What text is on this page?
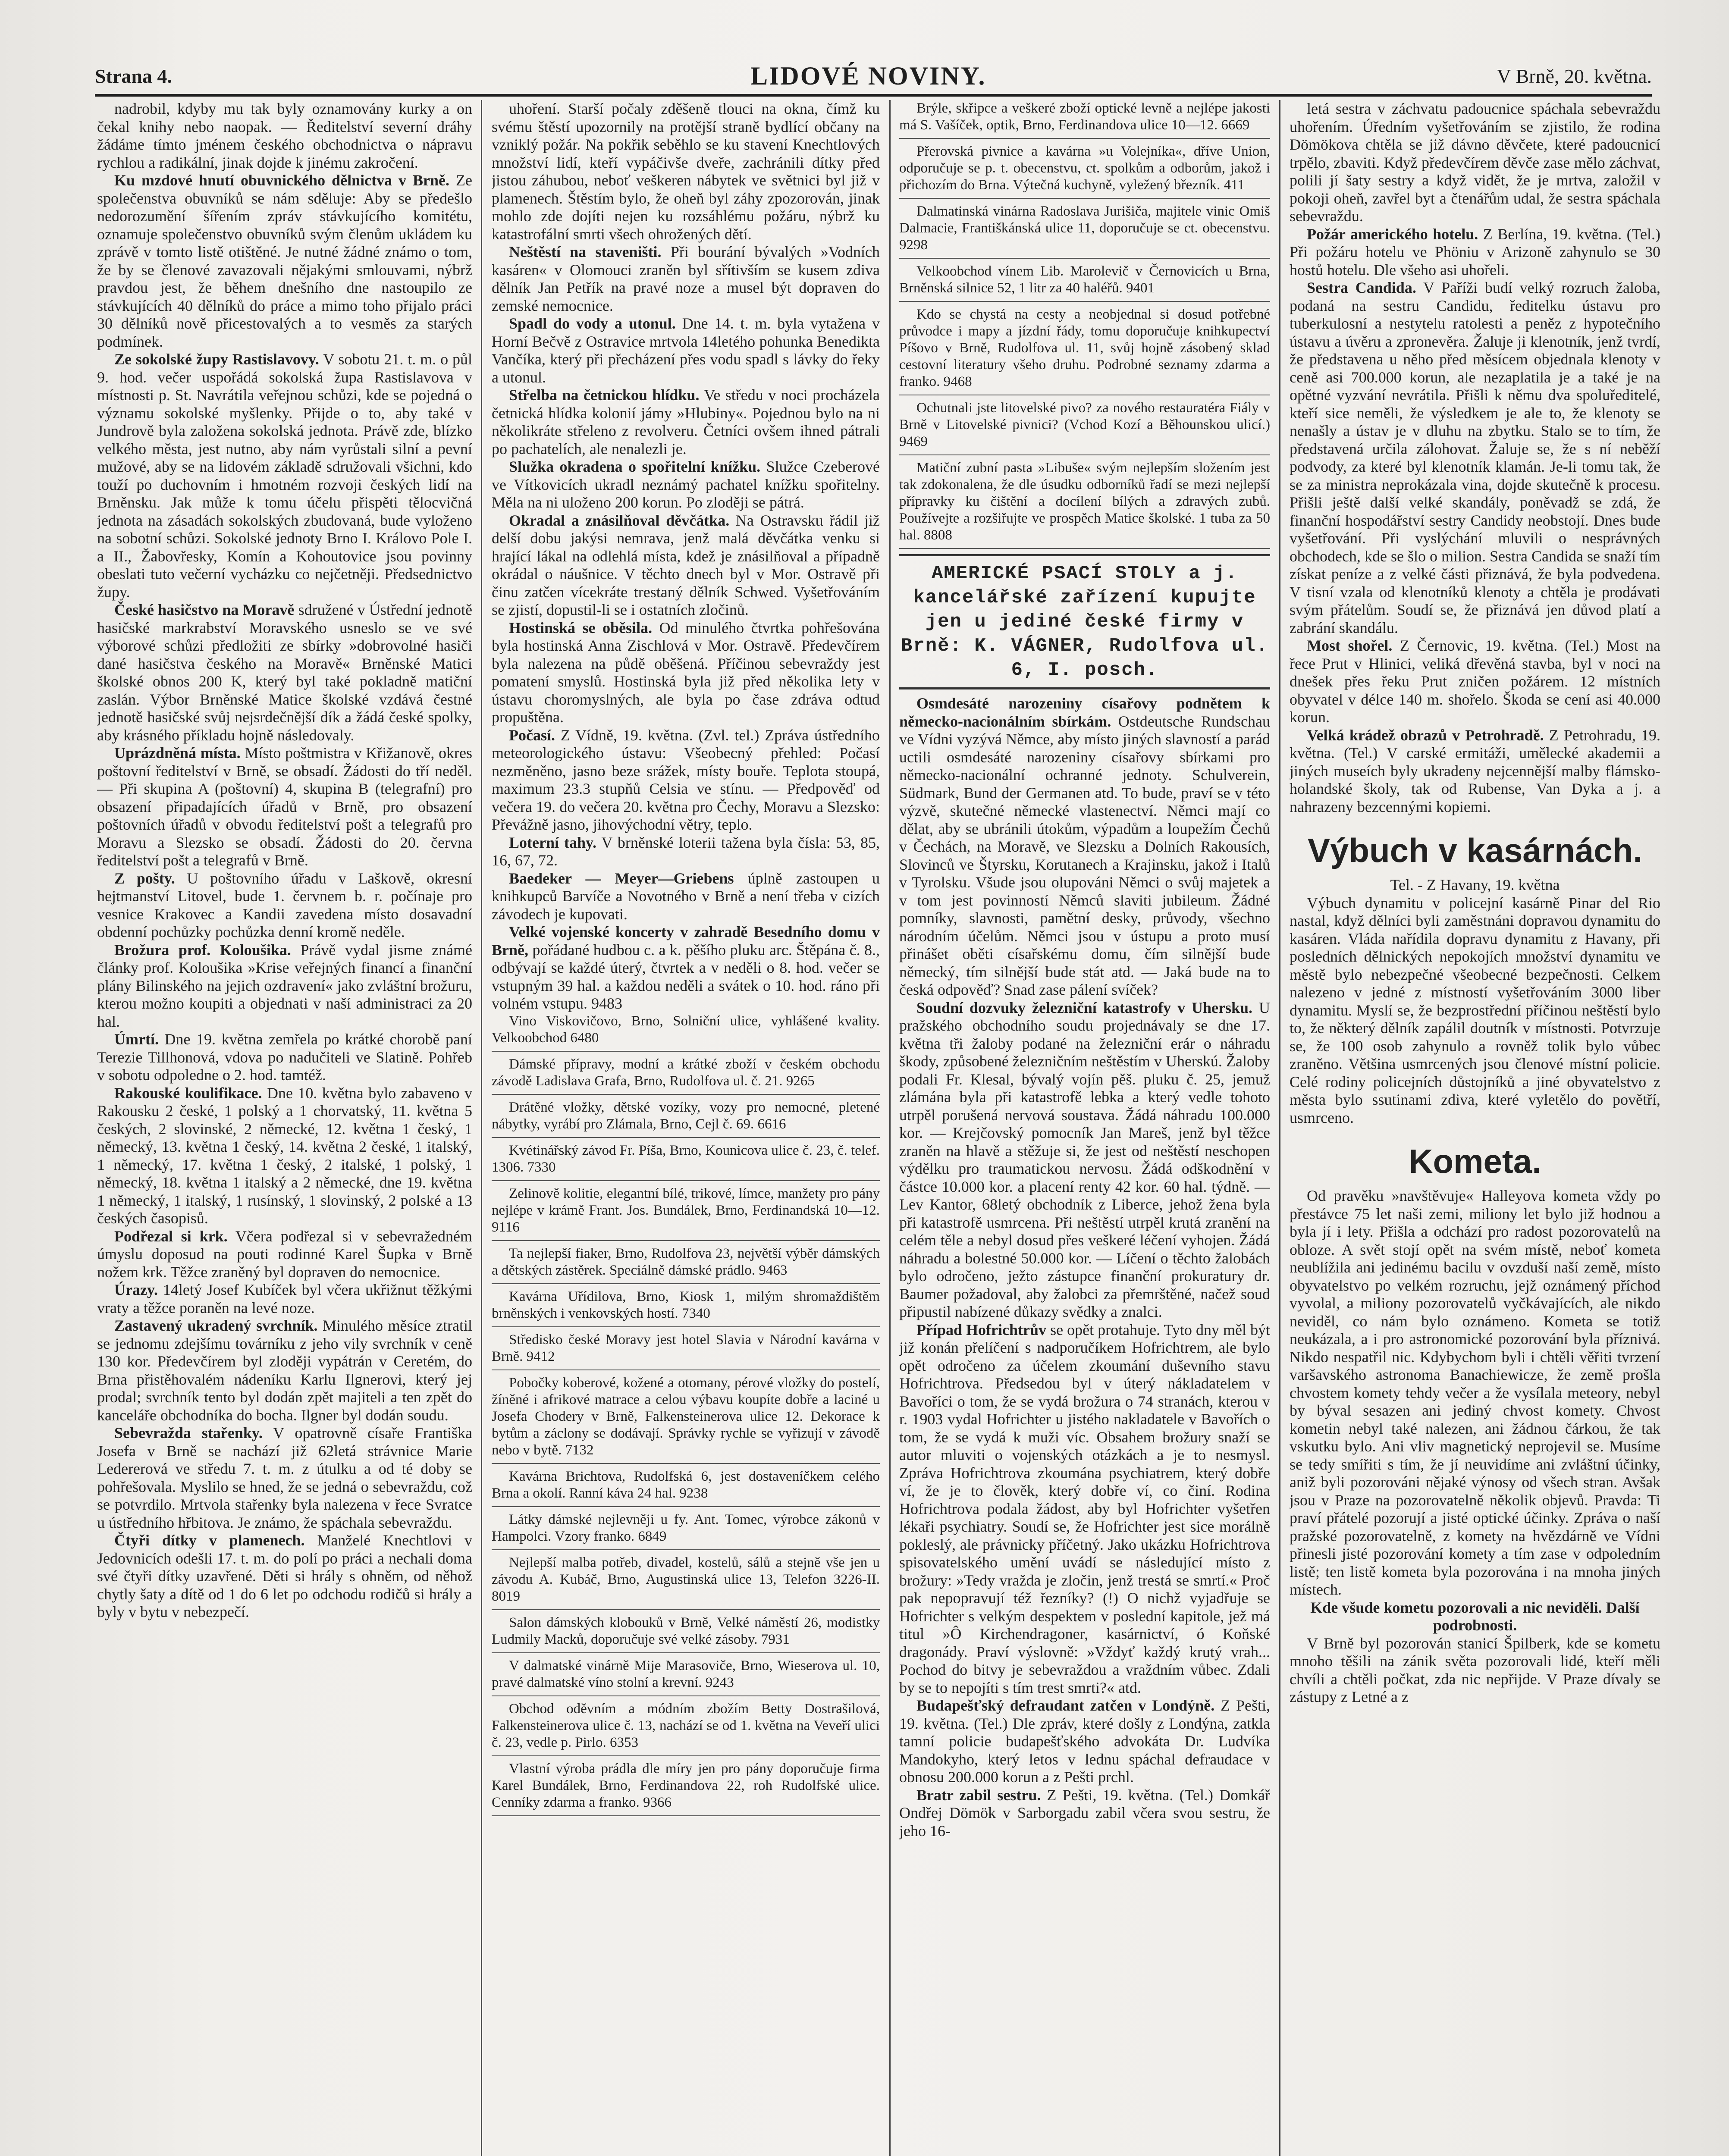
Strana 4.	LIDOVÉ NOVINY.	V Brně, 20. května.

nadrobil, kdyby mu tak byly oznamovány kurky a on čekal knihy nebo naopak. — Ředitelství severní dráhy žádáme tímto jménem českého obchodnictva o nápravu rychlou a radikální, jinak dojde k jinému zakročení.

Ku mzdové hnutí obuvnického dělnictva v Brně. Ze společenstva obuvníků se nám sděluje: Aby se předešlo nedorozumění šířením zpráv stávkujícího komitétu, oznamuje společenstvo obuvníků svým členům ukládem ku zprávě v tomto listě otištěné. Je nutné žádné známo o tom, že by se členové zavazovali nějakými smlouvami, nýbrž pravdou jest, že během dnešního dne nastoupilo ze stávkujících 40 dělníků do práce a mimo toho přijalo práci 30 dělníků nově přicestovalých a to vesměs za starých podmínek.

Ze sokolské župy Rastislavovy. V sobotu 21. t. m. o půl 9. hod. večer uspořádá sokolská župa Rastislavova v místnosti p. St. Navrátila veřejnou schůzi, kde se pojedná o významu sokolské myšlenky. Přijde o to, aby také v Jundrově byla založena sokolská jednota. Právě zde, blízko velkého města, jest nutno, aby nám vyrůstali silní a pevní mužové, aby se na lidovém základě sdružovali všichni, kdo touží po duchovním i hmotném rozvoji českých lidí na Brněnsku. Jak může k tomu účelu přispěti tělocvičná jednota na zásadách sokolských zbudovaná, bude vyloženo na sobotní schůzi. Sokolské jednoty Brno I. Královo Pole I. a II., Žabovřesky, Komín a Kohoutovice jsou povinny obeslati tuto večerní vycházku co nejčetněji. Předsednictvo župy.

České hasičstvo na Moravě sdružené v Ústřední jednotě hasičské markrabství Moravského usneslo se ve své výborové schůzi předložiti ze sbírky »dobrovolné hasiči dané hasičstva českého na Moravě« Brněnské Matici školské obnos 200 K, který byl také pokladně matiční zaslán. Výbor Brněnské Matice školské vzdává čestné jednotě hasičské svůj nejsrdečnější dík a žádá české spolky, aby krásného příkladu hojně následovaly.

Uprázdněná místa. Místo poštmistra v Křižanově, okres poštovní ředitelství v Brně, se obsadí. Žádosti do tří neděl. — Při skupina A (poštovní) 4, skupina B (telegrafní) pro obsazení připadajících úřadů v Brně, pro obsazení poštovních úřadů v obvodu ředitelství pošt a telegrafů pro Moravu a Slezsko se obsadí. Žádosti do 20. června ředitelství pošt a telegrafů v Brně.

Z pošty. U poštovního úřadu v Laškově, okresní hejtmanství Litovel, bude 1. červnem b. r. počínaje pro vesnice Krakovec a Kandii zavedena místo dosavadní obdenní pochůzky pochůzka denní kromě neděle.

Brožura prof. Koloušika. Právě vydal jisme známé články prof. Koloušika »Krise veřejných financí a finanční plány Bilinského na jejich ozdravení« jako zvláštní brožuru, kterou možno koupiti a objednati v naší administraci za 20 hal.

Úmrtí. Dne 19. května zemřela po krátké chorobě paní Terezie Tillhonová, vdova po nadučiteli ve Slatině. Pohřeb v sobotu odpoledne o 2. hod. tamtéž.

Rakouské koulifikace. Dne 10. května bylo zabaveno v Rakousku 2 české, 1 polský a 1 chorvatský, 11. května 5 českých, 2 slovinské, 2 německé, 12. května 1 český, 1 německý, 13. května 1 český, 14. května 2 české, 1 italský, 1 německý, 17. května 1 český, 2 italské, 1 polský, 1 německý, 18. května 1 italský a 2 německé, dne 19. května 1 německý, 1 italský, 1 rusínský, 1 slovinský, 2 polské a 13 českých časopisů.

Podřezal si krk. Včera podřezal si v sebevražedném úmyslu doposud na pouti rodinné Karel Šupka v Brně nožem krk. Těžce zraněný byl dopraven do nemocnice.

Úrazy. 14letý Josef Kubíček byl včera ukřižnut těžkými vraty a těžce poraněn na levé noze.

Zastavený ukradený svrchník. Minulého měsíce ztratil se jednomu zdejšímu továrníku z jeho vily svrchník v ceně 130 kor. Předevčírem byl zloději vypátrán v Ceretém, do Brna přistěhovalém nádeníku Karlu Ilgnerovi, který jej prodal; svrchník tento byl dodán zpět majiteli a ten zpět do kanceláře obchodníka do bocha. Ilgner byl dodán soudu.

Sebevražda stařenky. V opatrovně císaře Františka Josefa v Brně se nachází již 62letá strávnice Marie Ledererová ve středu 7. t. m. z útulku a od té doby se pohřešovala. Myslilo se hned, že se jedná o sebevraždu, což se potvrdilo. Mrtvola stařenky byla nalezena v řece Svratce u ústředního hřbitova. Je známo, že spáchala sebevraždu.

Čtyři dítky v plamenech. Manželé Knechtlovi v Jedovnicích odešli 17. t. m. do polí po práci a nechali doma své čtyři dítky uzavřené. Děti si hrály s ohněm, od něhož chytly šaty a dítě od 1 do 6 let po odchodu rodičů si hrály a byly v bytu v nebezpečí.

uhoření. Starší počaly zděšeně tlouci na okna, čímž ku svému štěstí upozornily na protější straně bydlící občany na vzniklý požár. Na pokřik seběhlo se ku stavení Knechtlových množství lidí, kteří vypáčivše dveře, zachránili dítky před jistou záhubou, neboť veškeren nábytek ve světnici byl již v plamenech. Štěstím bylo, že oheň byl záhy zpozorován, jinak mohlo zde dojíti nejen ku rozsáhlému požáru, nýbrž ku katastrofální smrti všech ohrožených dětí.

Neštěstí na staveništi. Při bourání bývalých »Vodních kasáren« v Olomouci zraněn byl sřítivším se kusem zdiva dělník Jan Petřík na pravé noze a musel být dopraven do zemské nemocnice.

Spadl do vody a utonul. Dne 14. t. m. byla vytažena v Horní Bečvě z Ostravice mrtvola 14letého pohunka Benedikta Vančíka, který při přecházení přes vodu spadl s lávky do řeky a utonul.

Střelba na četnickou hlídku. Ve středu v noci procházela četnická hlídka kolonií jámy »Hlubiny«. Pojednou bylo na ni několikráte střeleno z revolveru. Četníci ovšem ihned pátrali po pachatelích, ale nenalezli je.

Služka okradena o spořitelní knížku. Služce Czeberové ve Vítkovicích ukradl neznámý pachatel knížku spořitelny. Měla na ni uloženo 200 korun. Po zloději se pátrá.

Okradal a znásilňoval děvčátka. Na Ostravsku řádil již delší dobu jakýsi nemrava, jenž malá děvčátka venku si hrající lákal na odlehlá místa, kdež je znásilňoval a případně okrádal o náušnice. V těchto dnech byl v Mor. Ostravě při činu zatčen vícekráte trestaný dělník Schwed. Vyšetřováním se zjistí, dopustil-li se i ostatních zločinů.

Hostinská se oběsila. Od minulého čtvrtka pohřešována byla hostinská Anna Zischlová v Mor. Ostravě. Předevčírem byla nalezena na půdě oběšená. Příčinou sebevraždy jest pomatení smyslů. Hostinská byla již před několika lety v ústavu choromyslných, ale byla po čase zdráva odtud propuštěna.

Počasí. Z Vídně, 19. května. (Zvl. tel.) Zpráva ústředního meteorologického ústavu: Všeobecný přehled: Počasí nezměněno, jasno beze srážek, místy bouře. Teplota stoupá, maximum 23.3 stupňů Celsia ve stínu. — Předpověď od večera 19. do večera 20. května pro Čechy, Moravu a Slezsko: Převážně jasno, jihovýchodní větry, teplo.

Loterní tahy. V brněnské loterii tažena byla čísla: 53, 85, 16, 67, 72.

Baedeker — Meyer—Griebens úplně zastoupen u knihkupců Barvíče a Novotného v Brně a není třeba v cizích závodech je kupovati.

Velké vojenské koncerty v zahradě Besedního domu v Brně, pořádané hudbou c. a k. pěšího pluku arc. Štěpána č. 8., odbývají se každé úterý, čtvrtek a v neděli o 8. hod. večer se vstupným 39 hal. a každou neděli a svátek o 10. hod. ráno při volném vstupu. 9483

Vino Viskovičovo, Brno, Solniční ulice, vyhlášené kvality. Velkoobchod 6480

Dámské přípravy, modní a krátké zboží v českém obchodu závodě Ladislava Grafa, Brno, Rudolfova ul. č. 21. 9265

Drátěné vložky, dětské vozíky, vozy pro nemocné, pletené nábytky, vyrábí pro Zlámala, Brno, Cejl č. 69. 6616

Kvétinářský závod Fr. Píša, Brno, Kounicova ulice č. 23, č. telef. 1306. 7330

Zelinově kolitie, elegantní bílé, trikové, límce, manžety pro pány nejlépe v krámě Frant. Jos. Bundálek, Brno, Ferdinandská 10—12. 9116

Ta nejlepší fiaker, Brno, Rudolfova 23, největší výběr dámských a dětských zástěrek. Speciálně dámské prádlo. 9463

Kavárna Uřídilova, Brno, Kiosk 1, milým shromaždištěm brněnských i venkovských hostí. 7340

Středisko české Moravy jest hotel Slavia v Národní kavárna v Brně. 9412

Pobočky koberové, kožené a otomany, pérové vložky do postelí, žíněné i afrikové matrace a celou výbavu koupíte dobře a laciné u Josefa Chodery v Brně, Falkensteinerova ulice 12. Dekorace k bytům a záclony se dodávají. Správky rychle se vyřizují v závodě nebo v bytě. 7132

Kavárna Brichtova, Rudolfská 6, jest dostaveníčkem celého Brna a okolí. Ranní káva 24 hal. 9238

Látky dámské nejlevněji u fy. Ant. Tomec, výrobce zákonů v Hampolci. Vzory franko. 6849

Nejlepší malba potřeb, divadel, kostelů, sálů a stejně vše jen u závodu A. Kubáč, Brno, Augustinská ulice 13, Telefon 3226-II. 8019

Salon dámských klobouků v Brně, Velké náměstí 26, modistky Ludmily Macků, doporučuje své velké zásoby. 7931

V dalmatské vinárně Mije Marasoviče, Brno, Wieserova ul. 10, pravé dalmatské víno stolní a krevní. 9243

Obchod oděvním a módním zbožím Betty Dostrašilová, Falkensteinerova ulice č. 13, nachází se od 1. května na Veveří ulici č. 23, vedle p. Pirlo. 6353

Vlastní výroba prádla dle míry jen pro pány doporučuje firma Karel Bundálek, Brno, Ferdinandova 22, roh Rudolfské ulice. Cenníky zdarma a franko. 9366

Brýle, skřipce a veškeré zboží optické levně a nejlépe jakosti má S. Vašíček, optik, Brno, Ferdinandova ulice 10—12. 6669

Přerovská pivnice a kavárna »u Volejníka«, dříve Union, odporučuje se p. t. obecenstvu, ct. spolkům a odborům, jakož i přichozím do Brna. Výtečná kuchyně, vyležený březník. 411

Dalmatinská vinárna Radoslava Jurišiča, majitele vinic Omiš Dalmacie, Františkánská ulice 11, doporučuje se ct. obecenstvu. 9298

Velkoobchod vínem Lib. Marolevič v Černovicích u Brna, Brněnská silnice 52, 1 litr za 40 haléřů. 9401

Kdo se chystá na cesty a neobjednal si dosud potřebné průvodce i mapy a jízdní řády, tomu doporučuje knihkupectví Píšovo v Brně, Rudolfova ul. 11, svůj hojně zásobený sklad cestovní literatury všeho druhu. Podrobné seznamy zdarma a franko. 9468

Ochutnali jste litovelské pivo? za nového restauratéra Fiály v Brně v Litovelské pivnici? (Vchod Kozí a Běhounskou ulicí.) 9469

Matiční zubní pasta »Libuše« svým nejlepším složením jest tak zdokonalena, že dle úsudku odborníků řadí se mezi nejlepší přípravky ku čištění a docílení bílých a zdravých zubů. Používejte a rozšiřujte ve prospěch Matice školské. 1 tuba za 50 hal. 8808

AMERICKÉ PSACÍ STOLY a j. kancelářské zařízení kupujte jen u jediné české firmy v Brně: K. VÁGNER, Rudolfova ul. 6, I. posch.

Osmdesáté narozeniny císařovy podnětem k německo-nacionálním sbírkám. Ostdeutsche Rundschau ve Vídni vyzývá Němce, aby místo jiných slavností a parád uctili osmdesáté narozeniny císařovy sbírkami pro německo-nacionální ochranné jednoty. Schulverein, Südmark, Bund der Germanen atd. To bude, praví se v této výzvě, skutečné německé vlastenectví. Němci mají co dělat, aby se ubránili útokům, výpadům a loupežím Čechů v Čechách, na Moravě, ve Slezsku a Dolních Rakousích, Slovinců ve Štyrsku, Korutanech a Krajinsku, jakož i Italů v Tyrolsku. Všude jsou olupováni Němci o svůj majetek a v tom jest povinností Němců slaviti jubileum. Žádné pomníky, slavnosti, pamětní desky, průvody, všechno národním účelům. Němci jsou v ústupu a proto musí přinášet oběti císařskému domu, čím silnější bude německý, tím silnější bude stát atd. — Jaká bude na to česká odpověď? Snad zase pálení svíček?

Soudní dozvuky železniční katastrofy v Uhersku. U pražského obchodního soudu projednávaly se dne 17. května tři žaloby podané na železniční erár o náhradu škody, způsobené železničním neštěstím v Uherskú. Žaloby podali Fr. Klesal, bývalý vojín pěš. pluku č. 25, jemuž zlámána byla při katastrofě lebka a který vedle tohoto utrpěl porušená nervová soustava. Žádá náhradu 100.000 kor. — Krejčovský pomocník Jan Mareš, jenž byl těžce zraněn na hlavě a stěžuje si, že jest od neštěstí neschopen výdělku pro traumatickou nervosu. Žádá odškodnění v částce 10.000 kor. a placení renty 42 kor. 60 hal. týdně. — Lev Kantor, 68letý obchodník z Liberce, jehož žena byla při katastrofě usmrcena. Při neštěstí utrpěl krutá zranění na celém těle a nebyl dosud přes veškeré léčení vyhojen. Žádá náhradu a bolestné 50.000 kor. — Líčení o těchto žalobách bylo odročeno, ježto zástupce finanční prokuratury dr. Baumer požadoval, aby žalobci za přemrštěné, načež soud připustil nabízené důkazy svědky a znalci.

Případ Hofrichtrův se opět protahuje. Tyto dny měl být již konán přelíčení s nadporučíkem Hofrichtrem, ale bylo opět odročeno za účelem zkoumání duševního stavu Hofrichtrova. Předsedou byl v úterý nákladatelem v Bavoříci o tom, že se vydá brožura o 74 stranách, kterou v r. 1903 vydal Hofrichter u jistého nakladatele v Bavořích o tom, že se vydá k muži víc. Obsahem brožury snaží se autor mluviti o vojenských otázkách a je to nesmysl. Zpráva Hofrichtrova zkoumána psychiatrem, který dobře ví, že je to člověk, který dobře ví, co činí. Rodina Hofrichtrova podala žádost, aby byl Hofrichter vyšetřen lékaři psychiatry. Soudí se, že Hofrichter jest sice morálně pokleslý, ale právnicky příčetný. Jako ukázku Hofrichtrova spisovatelského umění uvádí se následující místo z brožury: »Tedy vražda je zločin, jenž trestá se smrtí.« Proč pak nepopravují též řezníky? (!) O nichž vyjadřuje se Hofrichter s velkým despektem v poslední kapitole, jež má titul »Ô Kirchendragoner, kasárnictví, ó Koňské dragonády. Praví výslovně: »Vždyť každý krutý vrah... Pochod do bitvy je sebevraždou a vraždním vůbec. Zdali by se to nepojíti s tím trest smrti?« atd.

Budapešťský defraudant zatčen v Londýně. Z Pešti, 19. května. (Tel.) Dle zpráv, které došly z Londýna, zatkla tamní policie budapešťského advokáta Dr. Ludvíka Mandokyho, který letos v lednu spáchal defraudace v obnosu 200.000 korun a z Pešti prchl.

Bratr zabil sestru. Z Pešti, 19. května. (Tel.) Domkář Ondřej Dömök v Sarborgadu zabil včera svou sestru, že jeho 16-

letá sestra v záchvatu padoucnice spáchala sebevraždu uhořením. Úředním vyšetřováním se zjistilo, že rodina Dömökova chtěla se již dávno děvčete, které padoucnicí trpělo, zbaviti. Když předevčírem děvče zase mělo záchvat, polili jí šaty sestry a když vidět, že je mrtva, založil v pokoji oheň, zavřel byt a čtenářům udal, že sestra spáchala sebevraždu.

Požár amerického hotelu. Z Berlína, 19. května. (Tel.) Při požáru hotelu ve Phöniu v Arizoně zahynulo se 30 hostů hotelu. Dle všeho asi uhořeli.

Sestra Candida. V Paříži budí velký rozruch žaloba, podaná na sestru Candidu, ředitelku ústavu pro tuberkulosní a nestytelu ratolesti a peněz z hypotečního ústavu a úvěru a zpronevěra. Žaluje ji klenotník, jenž tvrdí, že představena u něho před měsícem objednala klenoty v ceně asi 700.000 korun, ale nezaplatila je a také je na opětné vyzvání nevrátila. Přišli k němu dva spoluředitelé, kteří sice neměli, že výsledkem je ale to, že klenoty se nenašly a ústav je v dluhu na zbytku. Stalo se to tím, že představená určila zálohovat. Žaluje se, že s ní neběží podvody, za které byl klenotník klamán. Je-li tomu tak, že se za ministra neprokázala vina, dojde skutečně k procesu. Přišli ještě další velké skandály, poněvadž se zdá, že finanční hospodářství sestry Candidy neobstojí. Dnes bude vyšetřování. Při vyslýchání mluvili o nesprávných obchodech, kde se šlo o milion. Sestra Candida se snaží tím získat peníze a z velké části přiznává, že byla podvedena. V tisní vzala od klenotníků klenoty a chtěla je prodávati svým přátelům. Soudí se, že přiznává jen důvod platí a zabrání skandálu.

Most shořel. Z Černovic, 19. května. (Tel.) Most na řece Prut v Hlinici, veliká dřevěná stavba, byl v noci na dnešek přes řeku Prut zničen požárem. 12 místních obyvatel v délce 140 m. shořelo. Škoda se cení asi 40.000 korun.

Velká krádež obrazů v Petrohradě. Z Petrohradu, 19. května. (Tel.) V carské ermitáži, umělecké akademii a jiných museích byly ukradeny nejcennější malby flámsko-holandské školy, tak od Rubense, Van Dyka a j. a nahrazeny bezcennými kopiemi.

Výbuch v kasárnách.

Tel. - Z Havany, 19. května

Výbuch dynamitu v policejní kasárně Pinar del Rio nastal, když dělníci byli zaměstnáni dopravou dynamitu do kasáren. Vláda nařídila dopravu dynamitu z Havany, při posledních dělnických nepokojích množství dynamitu ve městě bylo nebezpečné všeobecné bezpečnosti. Celkem nalezeno v jedné z místností vyšetřováním 3000 liber dynamitu. Myslí se, že bezprostřední příčinou neštěstí bylo to, že některý dělník zapálil doutník v místnosti. Potvrzuje se, že 100 osob zahynulo a rovněž tolik bylo vůbec zraněno. Většina usmrcených jsou členové místní policie. Celé rodiny policejních důstojníků a jiné obyvatelstvo z města bylo ssutinami zdiva, které vyletělo do povětří, usmrceno.

Kometa.

Od pravěku »navštěvuje« Halleyova kometa vždy po přestávce 75 let naši zemi, miliony let bylo již hodnou a byla jí i lety. Přišla a odchází pro radost pozorovatelů na obloze. A svět stojí opět na svém místě, neboť kometa neublížila ani jedinému bacilu v ovzduší naší země, místo obyvatelstvo po velkém rozruchu, jejž oznámený příchod vyvolal, a miliony pozorovatelů vyčkávajících, ale nikdo neviděl, co nám bylo oznámeno. Kometa se totiž neukázala, a i pro astronomické pozorování byla příznivá. Nikdo nespatřil nic. Kdybychom byli i chtěli věřiti tvrzení varšavského astronoma Banachiewicze, že země prošla chvostem komety tehdy večer a že vysílala meteory, nebyl by býval sesazen ani jediný chvost komety. Chvost kometin nebyl také nalezen, ani žádnou čárkou, že tak vskutku bylo. Ani vliv magnetický neprojevil se. Musíme se tedy smířiti s tím, že jí neuvidíme ani zvláštní účinky, aniž byli pozorováni nějaké výnosy od všech stran. Avšak jsou v Praze na pozorovatelně několik objevů. Pravda: Ti praví přátelé pozorují a jisté optické účinky. Zpráva o naší pražské pozorovatelně, z komety na hvězdárně ve Vídni přinesli jisté pozorování komety a tím zase v odpoledním listě; ten listě kometa byla pozorována i na mnoha jiných místech.

Kde všude kometu pozorovali a nic neviděli. Další podrobnosti.

V Brně byl pozorován stanicí Špilberk, kde se kometu mnoho těšili na zánik světa pozorovali lidé, kteří měli chvíli a chtěli počkat, zda nic nepřijde. V Praze dívaly se zástupy z Letné a z
